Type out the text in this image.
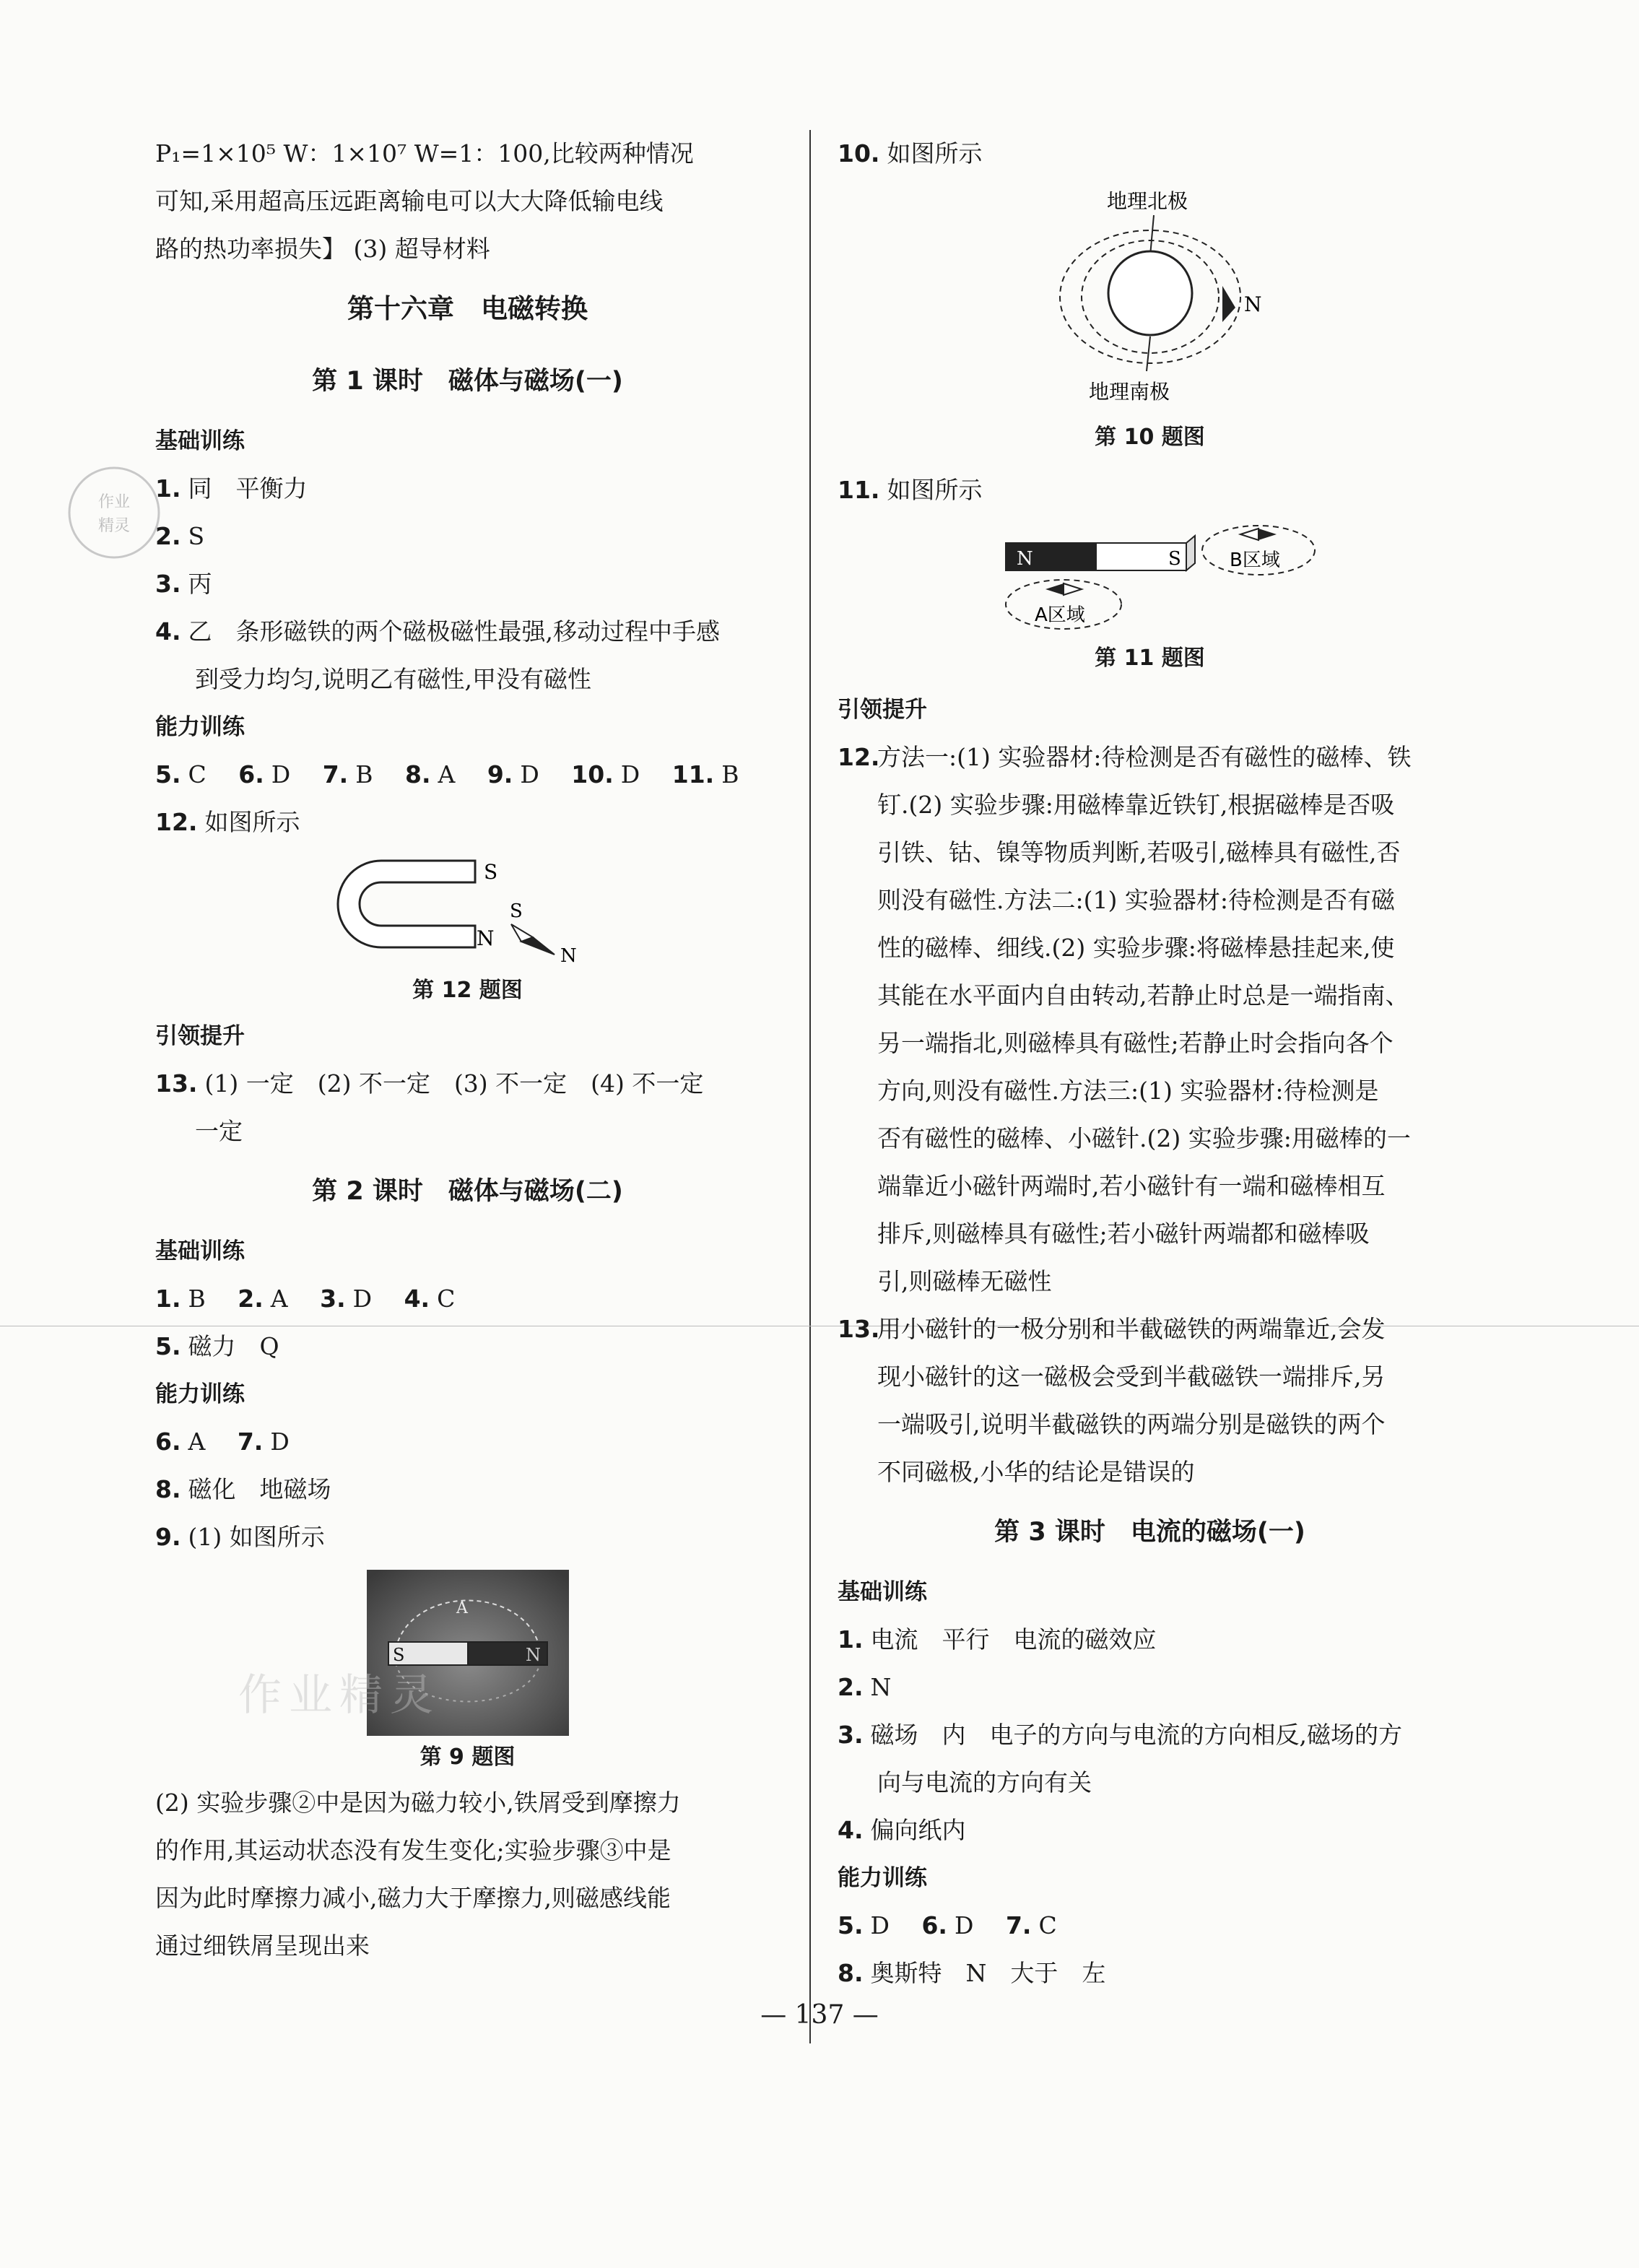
作业
精灵

P₁=1×10⁵ W：1×10⁷ W=1：100,比较两种情况

可知,采用超高压远距离输电可以大大降低输电线

路的热功率损失】 (3) 超导材料

第十六章　电磁转换

第 1 课时　磁体与磁场(一)

基础训练

1. 同　平衡力

2. S

3. 丙

4. 乙　条形磁铁的两个磁极磁性最强,移动过程中手感

到受力均匀,说明乙有磁性,甲没有磁性

能力训练

5. C 6. D 7. B 8. A 9. D 10. D 11. B

12. 如图所示

S
N
S
N

第 12 题图

引领提升

13. (1) 一定　(2) 不一定　(3) 不一定　(4) 不一定

一定

第 2 课时　磁体与磁场(二)

基础训练

1. B 2. A 3. D 4. C

5. 磁力　Q

能力训练

6. A 7. D

8. 磁化　地磁场

9. (1) 如图所示

S	N
A

第 9 题图

(2) 实验步骤②中是因为磁力较小,铁屑受到摩擦力

的作用,其运动状态没有发生变化;实验步骤③中是

因为此时摩擦力减小,磁力大于摩擦力,则磁感线能

通过细铁屑呈现出来

作业精灵

10. 如图所示

地理北极
N
地理南极

第 10 题图

11. 如图所示

N	S	B区域
A区域

第 11 题图

引领提升

12.

方法一:(1) 实验器材:待检测是否有磁性的磁棒、铁

钉.(2) 实验步骤:用磁棒靠近铁钉,根据磁棒是否吸

引铁、钴、镍等物质判断,若吸引,磁棒具有磁性,否

则没有磁性.方法二:(1) 实验器材:待检测是否有磁

性的磁棒、细线.(2) 实验步骤:将磁棒悬挂起来,使

其能在水平面内自由转动,若静止时总是一端指南、

另一端指北,则磁棒具有磁性;若静止时会指向各个

方向,则没有磁性.方法三:(1) 实验器材:待检测是

否有磁性的磁棒、小磁针.(2) 实验步骤:用磁棒的一

端靠近小磁针两端时,若小磁针有一端和磁棒相互

排斥,则磁棒具有磁性;若小磁针两端都和磁棒吸

引,则磁棒无磁性

13.

用小磁针的一极分别和半截磁铁的两端靠近,会发

现小磁针的这一磁极会受到半截磁铁一端排斥,另

一端吸引,说明半截磁铁的两端分别是磁铁的两个

不同磁极,小华的结论是错误的

第 3 课时　电流的磁场(一)

基础训练

1. 电流　平行　电流的磁效应

2. N

3. 磁场　内　电子的方向与电流的方向相反,磁场的方

向与电流的方向有关

4. 偏向纸内

能力训练

5. D 6. D 7. C

8. 奥斯特　N　大于　左

— 137 —
